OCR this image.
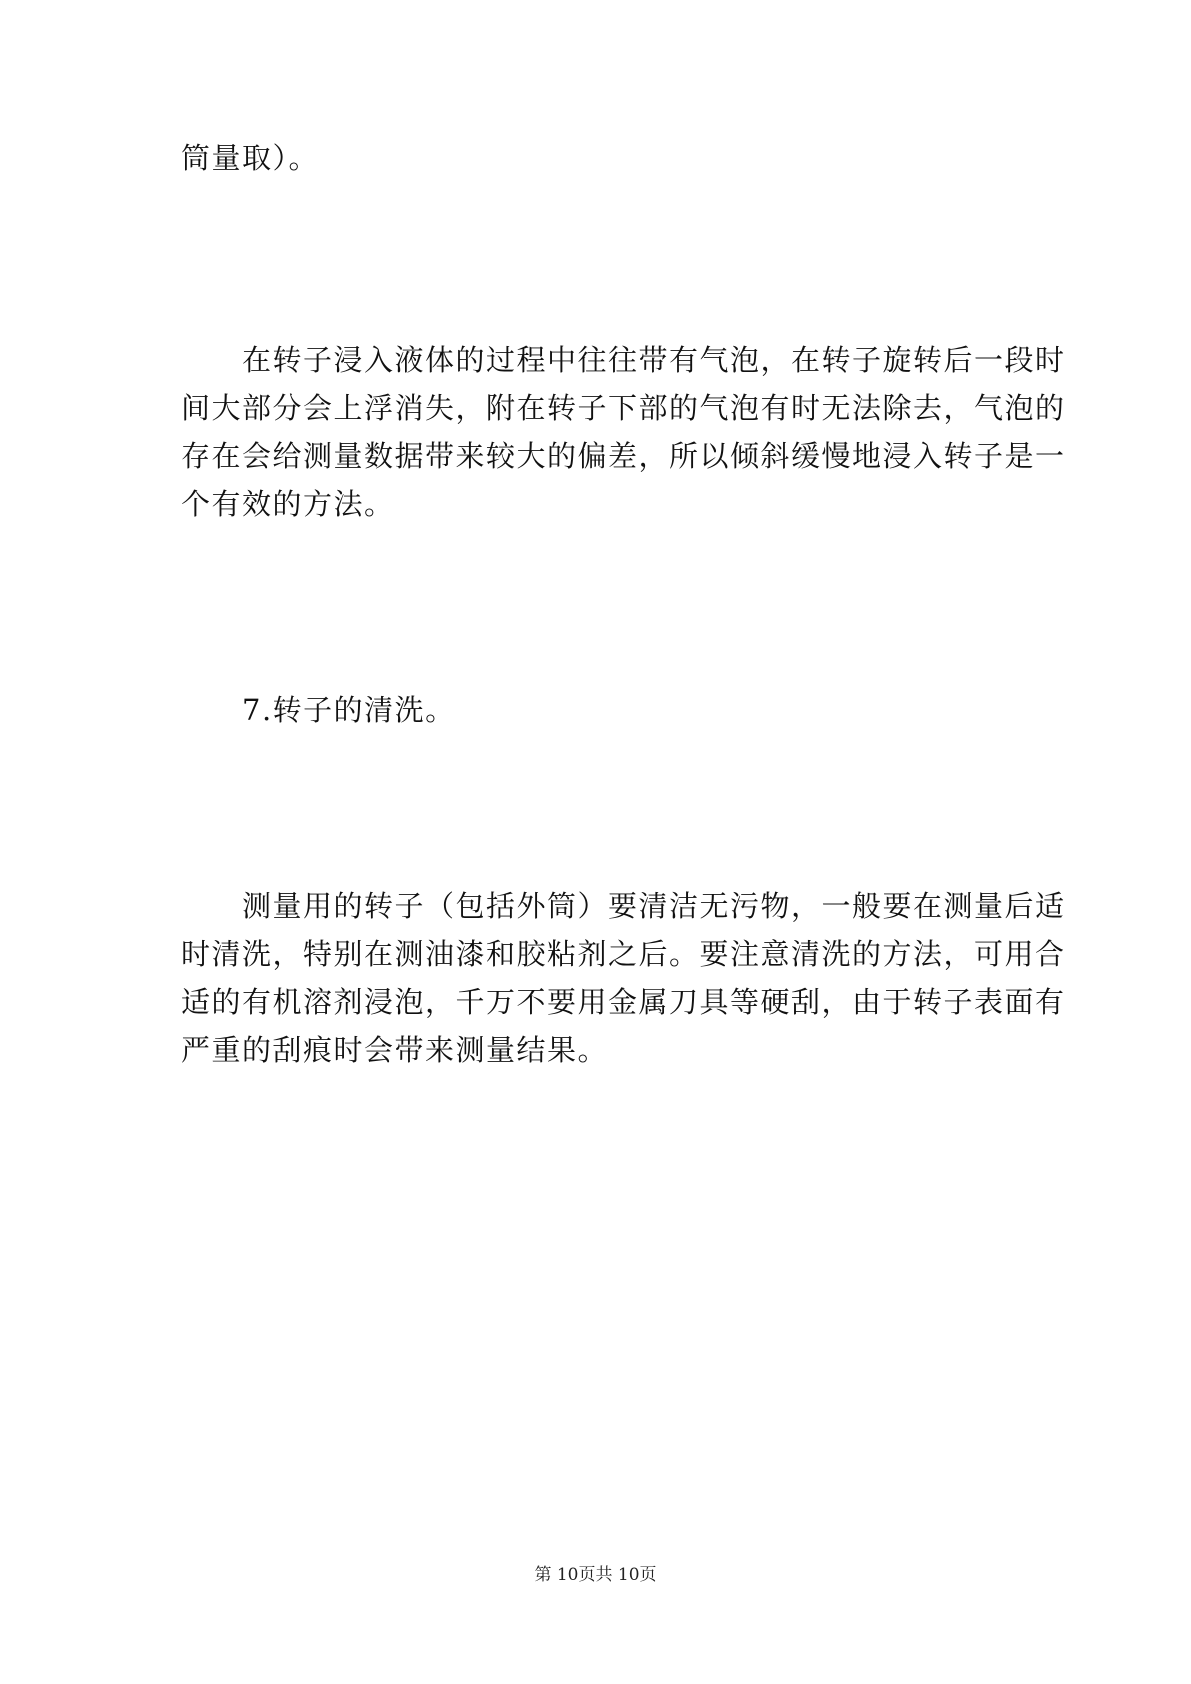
筒量取）。
　　在转子浸入液体的过程中往往带有气泡，在转子旋转后一段时
间大部分会上浮消失，附在转子下部的气泡有时无法除去，气泡的
存在会给测量数据带来较大的偏差，所以倾斜缓慢地浸入转子是一
个有效的方法。
　　7.转子的清洗。
　　测量用的转子（包括外筒）要清洁无污物，一般要在测量后适
时清洗，特别在测油漆和胶粘剂之后。要注意清洗的方法，可用合
适的有机溶剂浸泡，千万不要用金属刀具等硬刮，由于转子表面有
严重的刮痕时会带来测量结果。
第 10页共 10页
